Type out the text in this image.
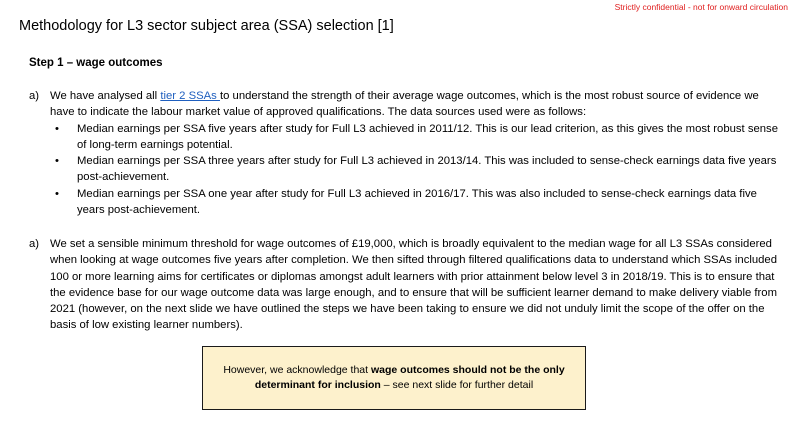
Strictly confidential - not for onward circulation
Methodology for L3 sector subject area (SSA) selection [1]
Step 1 – wage outcomes
a) We have analysed all tier 2 SSAs to understand the strength of their average wage outcomes, which is the most robust source of evidence we have to indicate the labour market value of approved qualifications. The data sources used were as follows:
• Median earnings per SSA five years after study for Full L3 achieved in 2011/12. This is our lead criterion, as this gives the most robust sense of long-term earnings potential.
• Median earnings per SSA three years after study for Full L3 achieved in 2013/14. This was included to sense-check earnings data five years post-achievement.
• Median earnings per SSA one year after study for Full L3 achieved in 2016/17. This was also included to sense-check earnings data five years post-achievement.
a) We set a sensible minimum threshold for wage outcomes of £19,000, which is broadly equivalent to the median wage for all L3 SSAs considered when looking at wage outcomes five years after completion. We then sifted through filtered qualifications data to understand which SSAs included 100 or more learning aims for certificates or diplomas amongst adult learners with prior attainment below level 3 in 2018/19. This is to ensure that the evidence base for our wage outcome data was large enough, and to ensure that will be sufficient learner demand to make delivery viable from 2021 (however, on the next slide we have outlined the steps we have been taking to ensure we did not unduly limit the scope of the offer on the basis of low existing learner numbers).
However, we acknowledge that wage outcomes should not be the only determinant for inclusion – see next slide for further detail
